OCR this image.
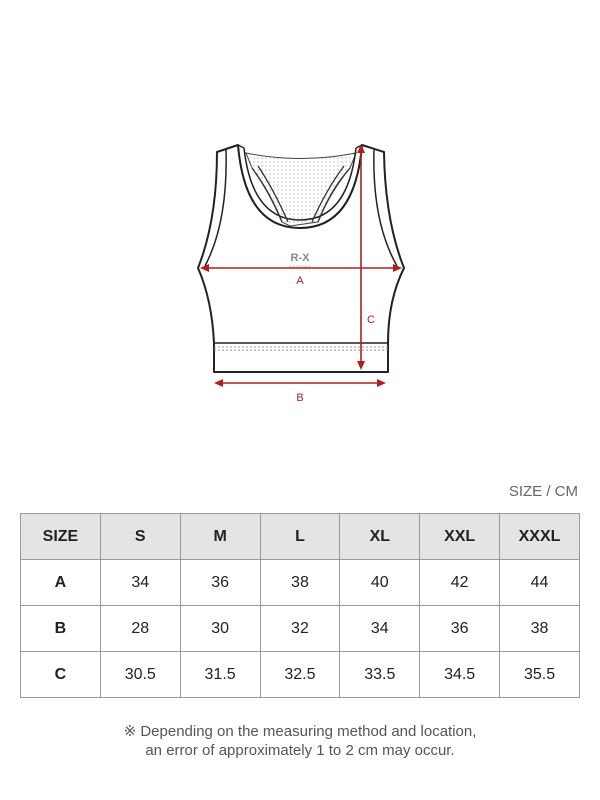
R-X
BODYMIX
A
C
B
SIZE / CM
SIZE	S	M	L	XL	XXL	XXXL
A	34	36	38	40	42	44
B	28	30	32	34	36	38
C	30.5	31.5	32.5	33.5	34.5	35.5
※ Depending on the measuring method and location,
an error of approximately 1 to 2 cm may occur.
